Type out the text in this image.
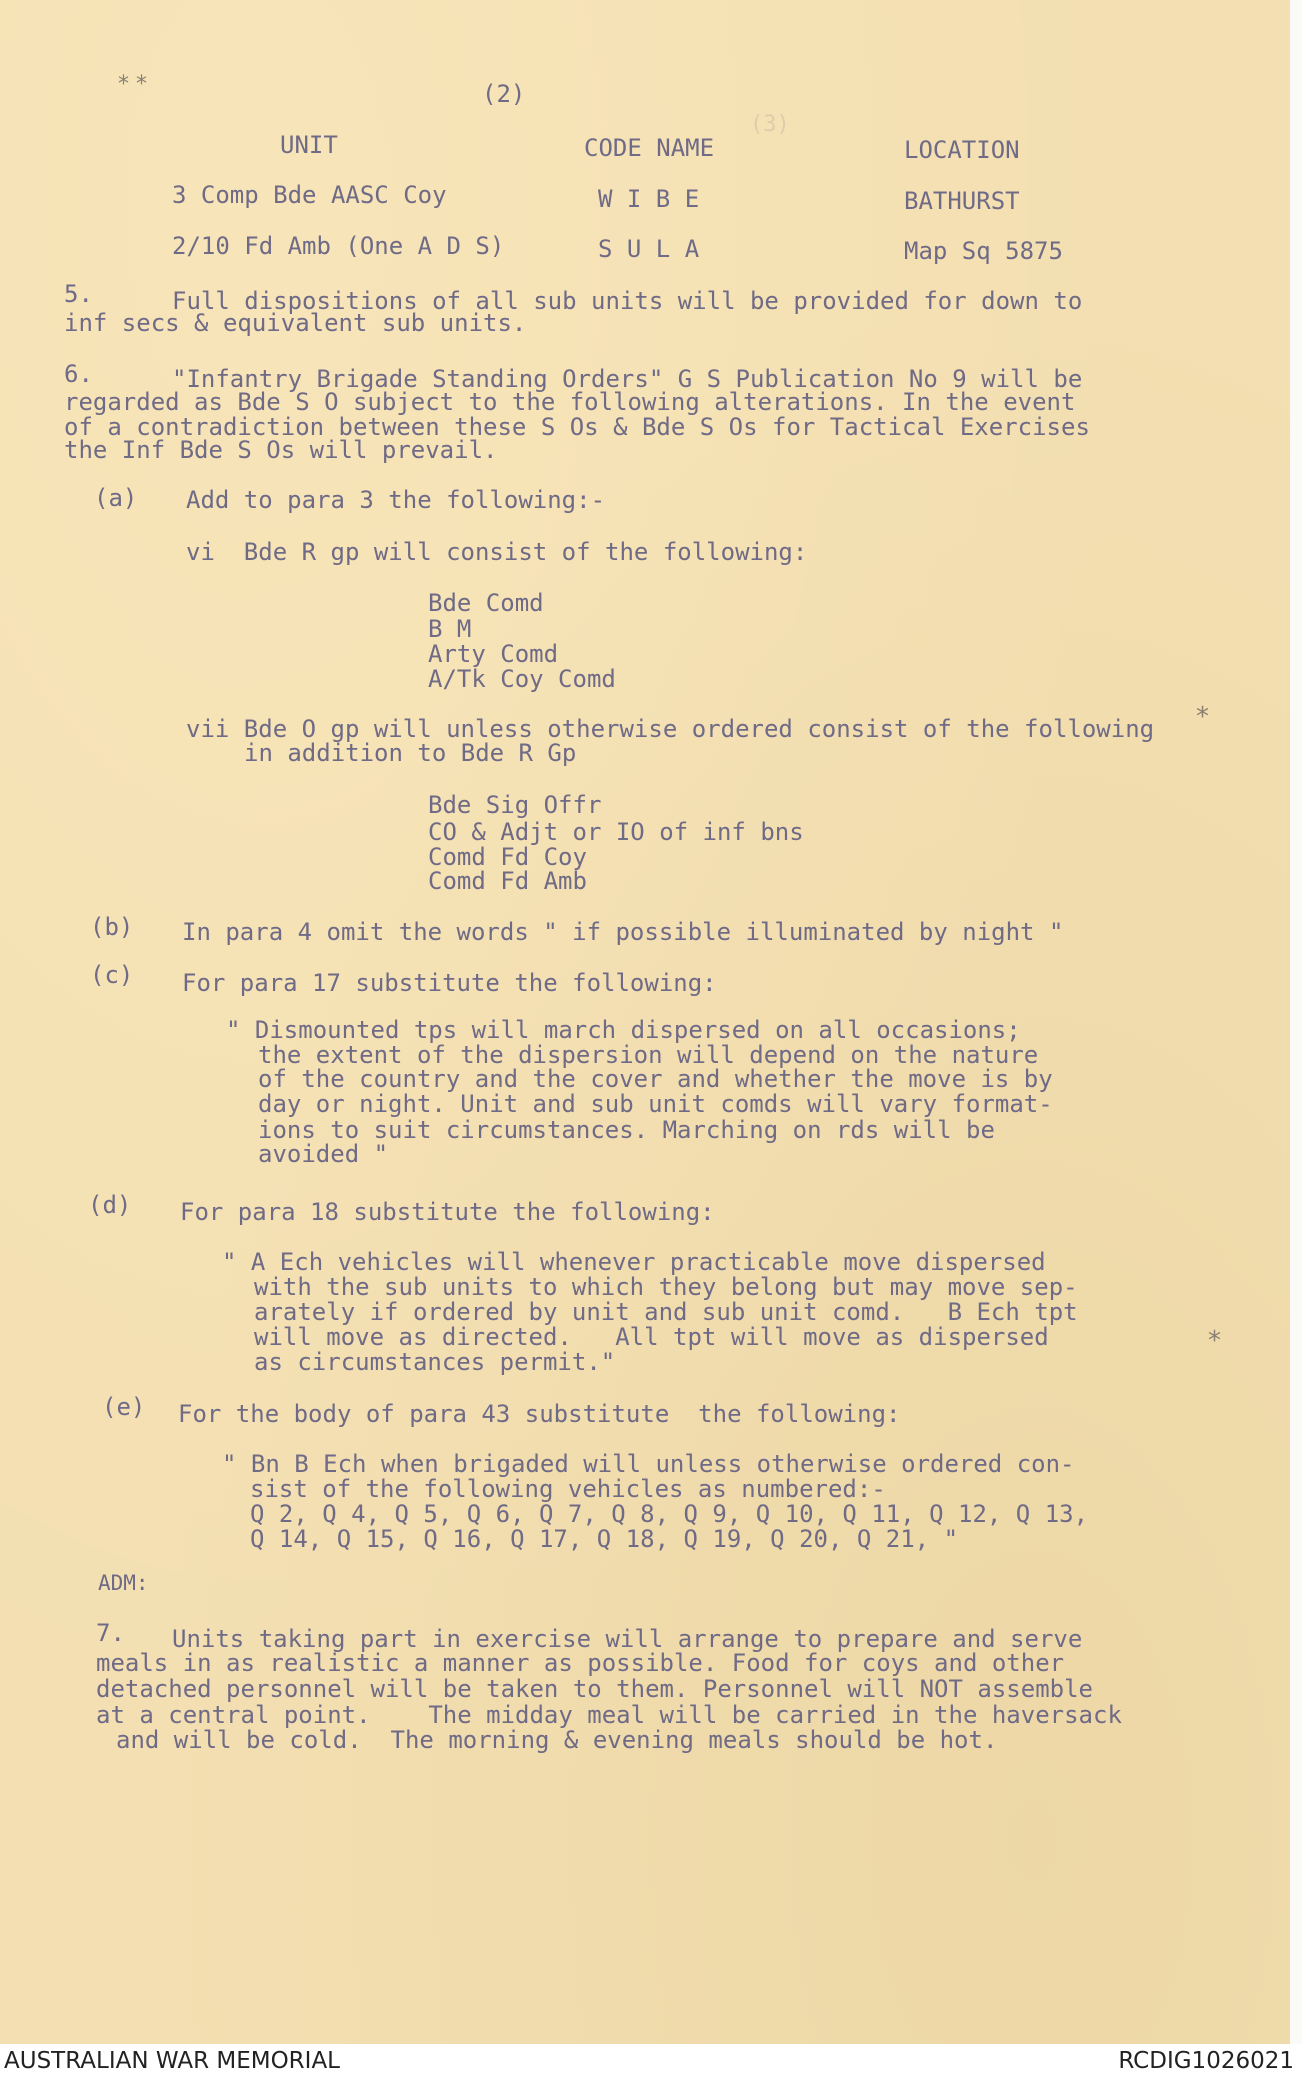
(3)
* *
*
*
(2)
UNIT	CODE NAME	LOCATION
3 Comp Bde AASC Coy	W I B E	BATHURST
2/10 Fd Amb (One A D S)	S U L A	Map Sq 5875
5.	Full dispositions of all sub units will be provided for down to
inf secs & equivalent sub units.
6.	"Infantry Brigade Standing Orders" G S Publication No 9 will be
regarded as Bde S O subject to the following alterations. In the event
of a contradiction between these S Os & Bde S Os for Tactical Exercises
the Inf Bde S Os will prevail.
(a) Add to para 3 the following:-
vi  Bde R gp will consist of the following:
Bde Comd
B M
Arty Comd
A/Tk Coy Comd
vii Bde O gp will unless otherwise ordered consist of the following
in addition to Bde R Gp
Bde Sig Offr
CO & Adjt or IO of inf bns
Comd Fd Coy
Comd Fd Amb
(b) In para 4 omit the words " if possible illuminated by night "
(c) For para 17 substitute the following:
" Dismounted tps will march dispersed on all occasions;
the extent of the dispersion will depend on the nature
of the country and the cover and whether the move is by
day or night. Unit and sub unit comds will vary format-
ions to suit circumstances. Marching on rds will be
avoided "
(d) For para 18 substitute the following:
" A Ech vehicles will whenever practicable move dispersed
with the sub units to which they belong but may move sep-
arately if ordered by unit and sub unit comd.   B Ech tpt
will move as directed.   All tpt will move as dispersed
as circumstances permit."
(e) For the body of para 43 substitute  the following:
" Bn B Ech when brigaded will unless otherwise ordered con-
sist of the following vehicles as numbered:-
Q 2, Q 4, Q 5, Q 6, Q 7, Q 8, Q 9, Q 10, Q 11, Q 12, Q 13,
Q 14, Q 15, Q 16, Q 17, Q 18, Q 19, Q 20, Q 21, "
ADM:
7. Units taking part in exercise will arrange to prepare and serve
meals in as realistic a manner as possible. Food for coys and other
detached personnel will be taken to them. Personnel will NOT assemble
at a central point.    The midday meal will be carried in the haversack
and will be cold.  The morning & evening meals should be hot.
AUSTRALIAN WAR MEMORIAL	RCDIG1026021
